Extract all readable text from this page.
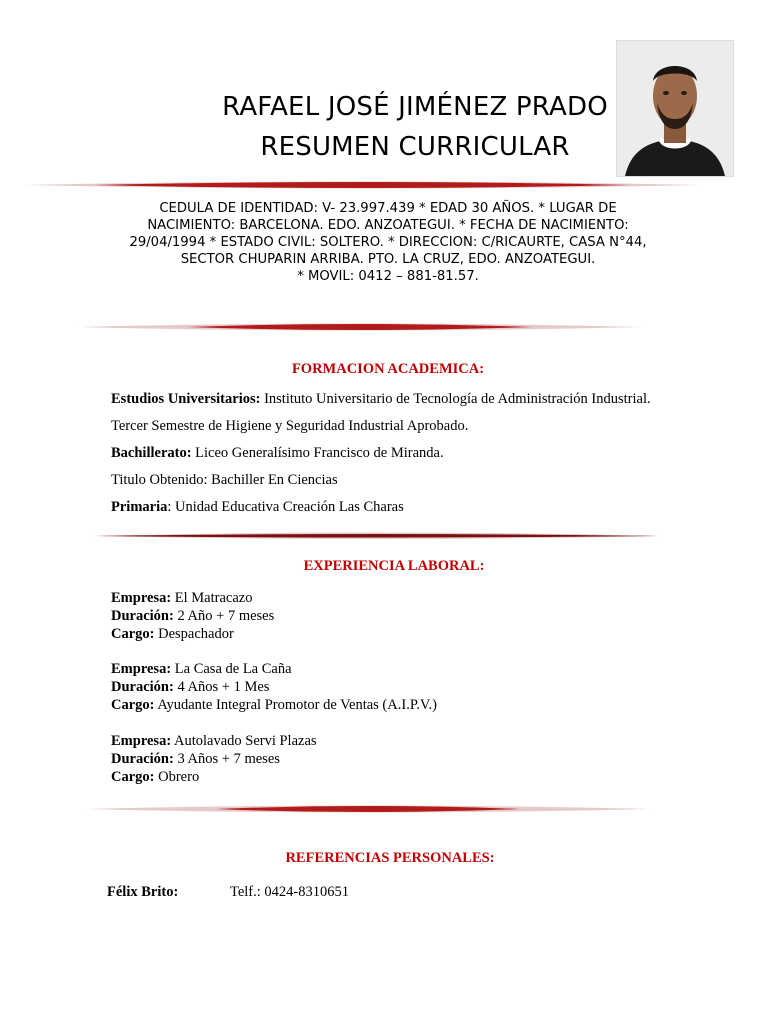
RAFAEL JOSÉ JIMÉNEZ PRADO
RESUMEN CURRICULAR
CEDULA DE IDENTIDAD: V- 23.997.439 * EDAD 30 AÑOS. * LUGAR DE
NACIMIENTO: BARCELONA. EDO. ANZOATEGUI. * FECHA DE NACIMIENTO:
29/04/1994 * ESTADO CIVIL: SOLTERO. * DIRECCION: C/RICAURTE, CASA N°44,
SECTOR CHUPARIN ARRIBA. PTO. LA CRUZ, EDO. ANZOATEGUI.
* MOVIL: 0412 – 881-81.57.

FORMACION ACADEMICA:

Estudios Universitarios: Instituto Universitario de Tecnología de Administración Industrial.

Tercer Semestre de Higiene y Seguridad Industrial Aprobado.

Bachillerato: Liceo Generalísimo Francisco de Miranda.

Titulo Obtenido: Bachiller En Ciencias

Primaria: Unidad Educativa Creación Las Charas

EXPERIENCIA LABORAL:

Empresa: El Matracazo

Duración: 2 Año + 7 meses

Cargo: Despachador

Empresa: La Casa de La Caña

Duración: 4 Años + 1 Mes

Cargo: Ayudante Integral Promotor de Ventas (A.I.P.V.)

Empresa: Autolavado Servi Plazas

Duración: 3 Años + 7 meses

Cargo: Obrero

REFERENCIAS PERSONALES:

Félix Brito:	Telf.: 0424-8310651
